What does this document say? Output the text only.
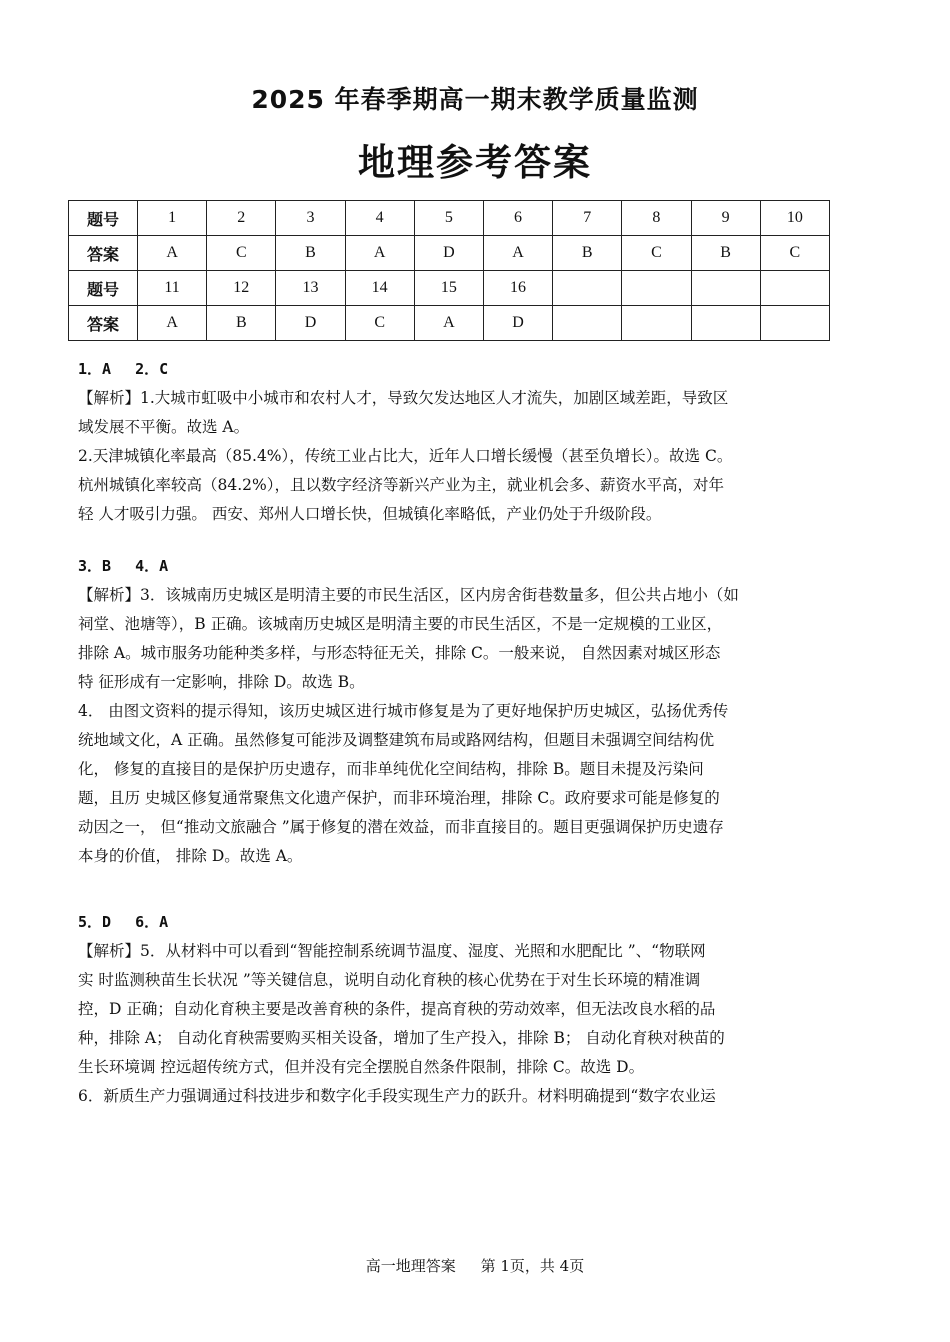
2025 年春季期高一期末教学质量监测
地理参考答案
题号	1	2	3	4	5	6	7	8	9	10
答案	A	C	B	A	D	A	B	C	B	C
题号	11	12	13	14	15	16				
答案	A	B	D	C	A	D				
1．A　 2．C
【解析】1.大城市虹吸中小城市和农村人才，导致欠发达地区人才流失，加剧区域差距，导致区
域发展不平衡。故选 A。
2.天津城镇化率最高（85.4%），传统工业占比大，近年人口增长缓慢（甚至负增长）。故选 C。
杭州城镇化率较高（84.2%），且以数字经济等新兴产业为主，就业机会多、薪资水平高，对年
轻 人才吸引力强。 西安、郑州人口增长快，但城镇化率略低，产业仍处于升级阶段。
3．B　 4．A
【解析】3．该城南历史城区是明清主要的市民生活区，区内房舍街巷数量多，但公共占地小（如
祠堂、池塘等），B 正确。该城南历史城区是明清主要的市民生活区，不是一定规模的工业区，
排除 A。城市服务功能种类多样，与形态特征无关，排除 C。一般来说， 自然因素对城区形态
特 征形成有一定影响，排除 D。故选 B。
4． 由图文资料的提示得知，该历史城区进行城市修复是为了更好地保护历史城区，弘扬优秀传
统地域文化，A 正确。虽然修复可能涉及调整建筑布局或路网结构，但题目未强调空间结构优
化， 修复的直接目的是保护历史遗存，而非单纯优化空间结构，排除 B。题目未提及污染问
题，且历 史城区修复通常聚焦文化遗产保护，而非环境治理，排除 C。政府要求可能是修复的
动因之一， 但“推动文旅融合 ”属于修复的潜在效益，而非直接目的。题目更强调保护历史遗存
本身的价值， 排除 D。故选 A。
5．D　 6．A
【解析】5．从材料中可以看到“智能控制系统调节温度、湿度、光照和水肥配比 ”、“物联网
实 时监测秧苗生长状况 ”等关键信息，说明自动化育秧的核心优势在于对生长环境的精准调
控，D 正确；自动化育秧主要是改善育秧的条件，提高育秧的劳动效率，但无法改良水稻的品
种，排除 A； 自动化育秧需要购买相关设备，增加了生产投入，排除 B； 自动化育秧对秧苗的
生长环境调 控远超传统方式，但并没有完全摆脱自然条件限制，排除 C。故选 D。
6．新质生产力强调通过科技进步和数字化手段实现生产力的跃升。材料明确提到“数字农业运
高一地理答案 第 1页，共 4页
